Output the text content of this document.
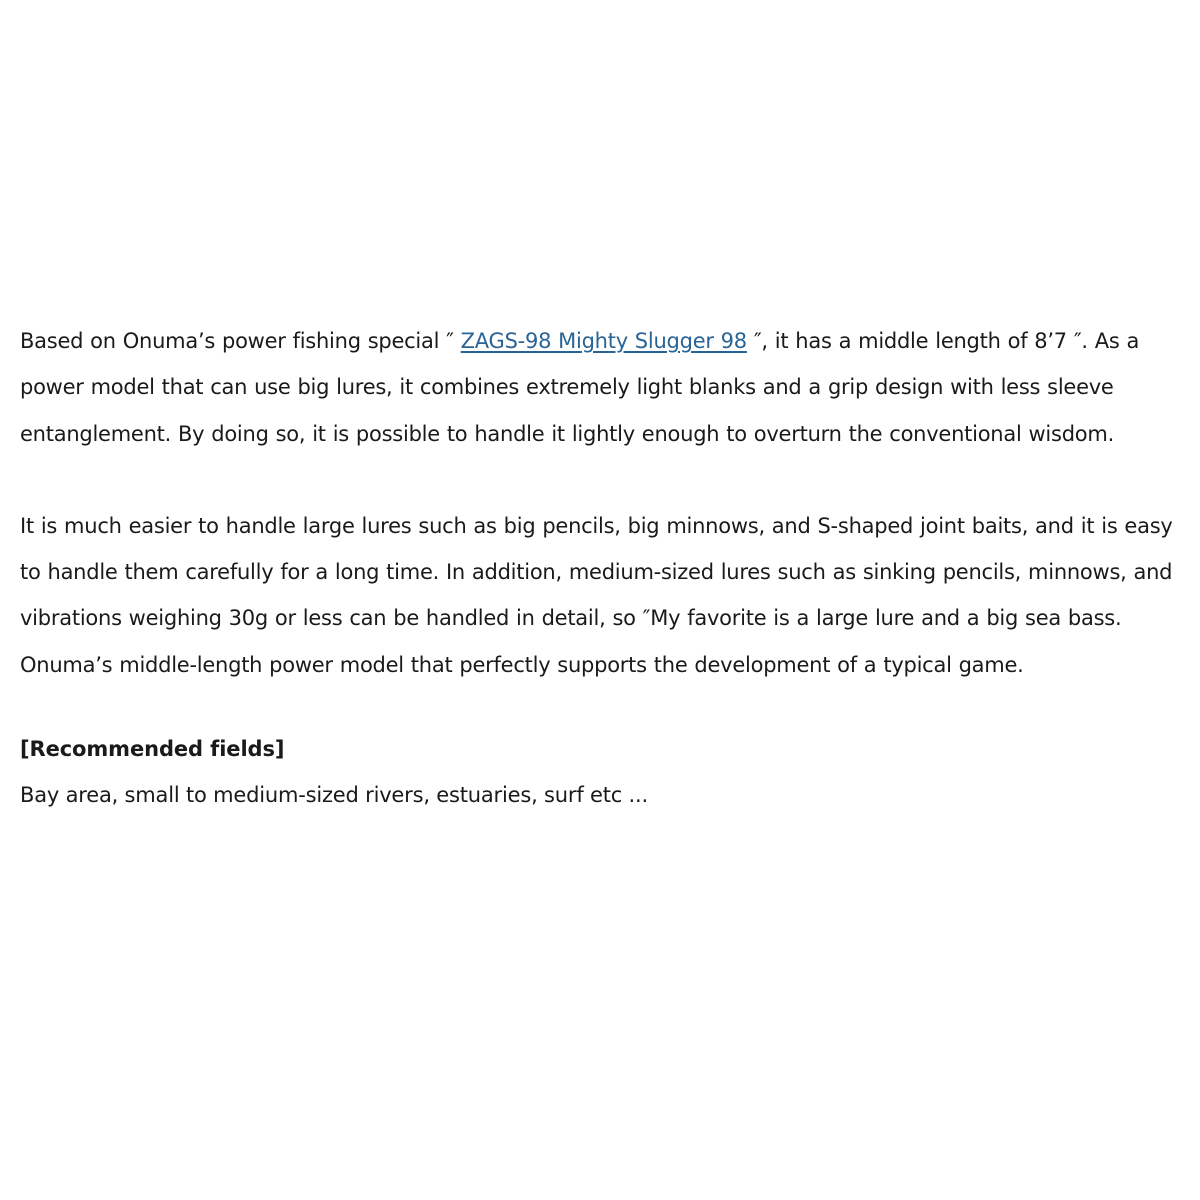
Based on Onuma’s power fishing special ″ ZAGS-98 Mighty Slugger 98 ″, it has a middle length of 8’7 ″. As a power model that can use big lures, it combines extremely light blanks and a grip design with less sleeve entanglement. By doing so, it is possible to handle it lightly enough to overturn the conventional wisdom.

It is much easier to handle large lures such as big pencils, big minnows, and S-shaped joint baits, and it is easy to handle them carefully for a long time. In addition, medium-sized lures such as sinking pencils, minnows, and vibrations weighing 30g or less can be handled in detail, so ″My favorite is a large lure and a big sea bass. Onuma’s middle-length power model that perfectly supports the development of a typical game.

[Recommended fields]

Bay area, small to medium-sized rivers, estuaries, surf etc ...
